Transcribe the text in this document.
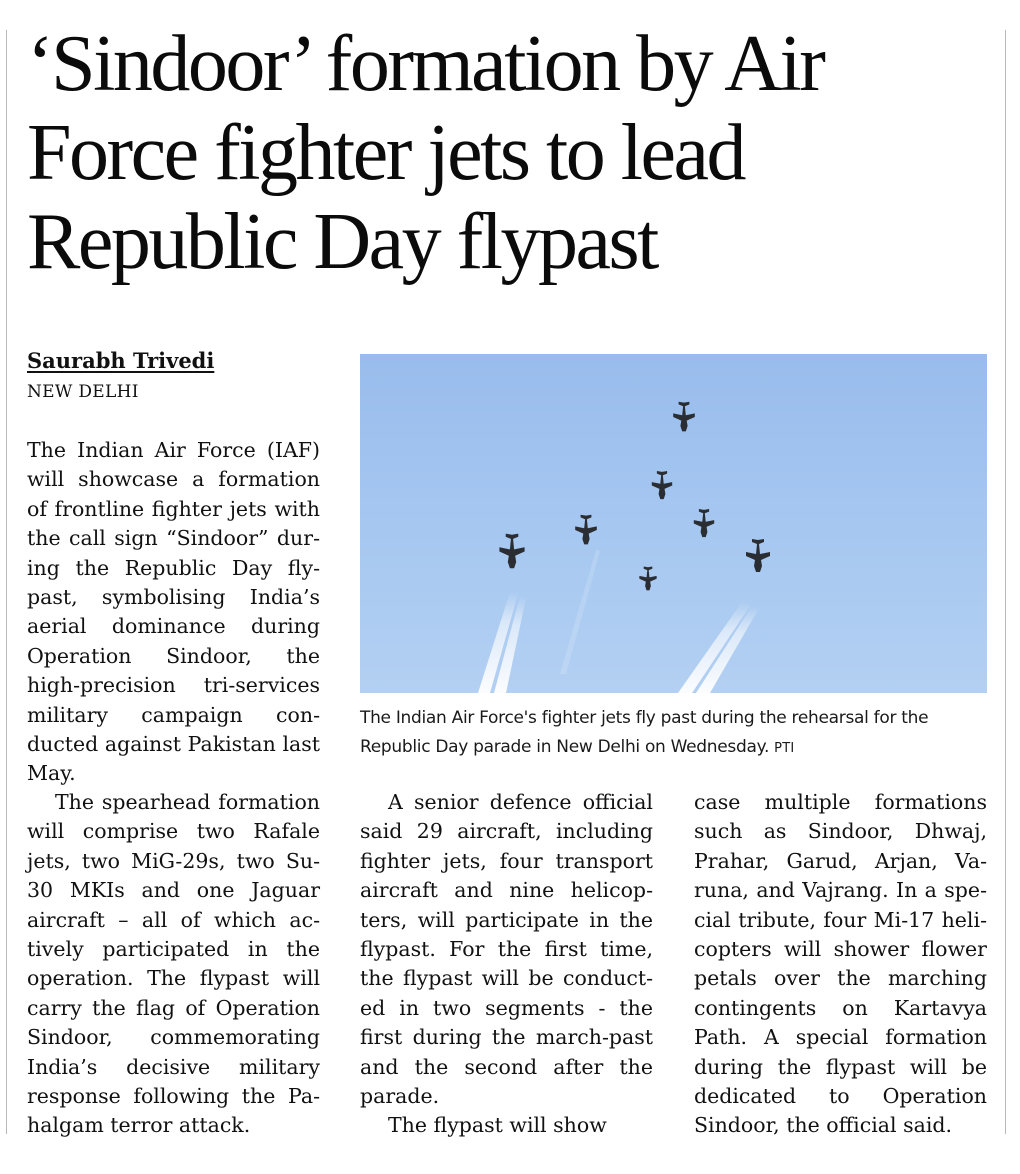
‘Sindoor’ formation by Air Force fighter jets to lead Republic Day flypast
Saurabh Trivedi
NEW DELHI

The Indian Air Force (IAF) will showcase a formation of frontline fighter jets with the call sign “Sindoor” during the Republic Day flypast, symbolising India’s aerial dominance during Operation Sindoor, the high-precision tri-services military campaign conducted against Pakistan last May.

The Indian Air Force's fighter jets fly past during the rehearsal for the Republic Day parade in New Delhi on Wednesday. PTI

The spearhead formation will comprise two Rafale jets, two MiG-29s, two Su-30 MKIs and one Jaguar aircraft – all of which actively participated in the operation. The flypast will carry the flag of Operation Sindoor, commemorating India’s decisive military response following the Pahalgam terror attack.

A senior defence official said 29 aircraft, including fighter jets, four transport aircraft and nine helicopters, will participate in the flypast. For the first time, the flypast will be conducted in two segments - the first during the march-past and the second after the parade.

The flypast will show

case multiple formations such as Sindoor, Dhwaj, Prahar, Garud, Arjan, Varuna, and Vajrang. In a special tribute, four Mi-17 helicopters will shower flower petals over the marching contingents on Kartavya Path. A special formation during the flypast will be dedicated to Operation Sindoor, the official said.
